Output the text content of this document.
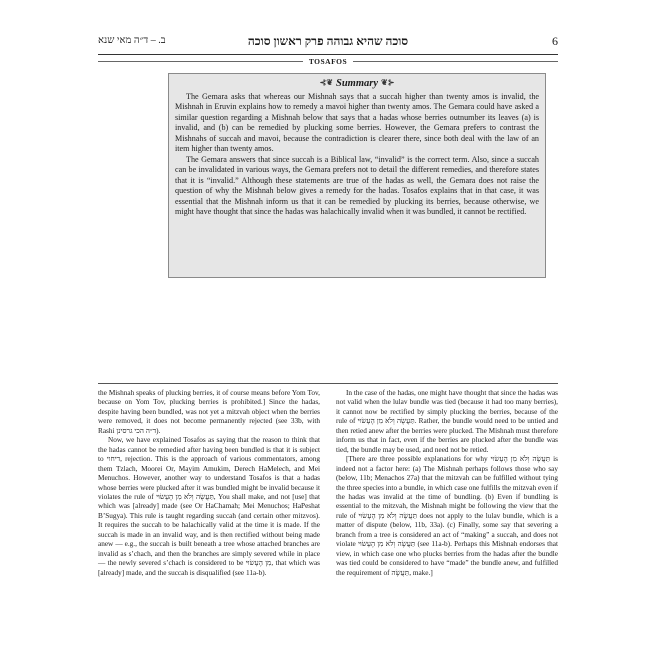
ב. – ד״ה מאי שנא	סוכה שהיא גבוהה פרק ראשון סוכה	6
TOSAFOS
⊰❦ Summary ❦⊱

The Gemara asks that whereas our Mishnah says that a succah higher than twenty amos is invalid, the Mishnah in Eruvin explains how to remedy a mavoi higher than twenty amos. The Gemara could have asked a similar question regarding a Mishnah below that says that a hadas whose berries outnumber its leaves (a) is invalid, and (b) can be remedied by plucking some berries. However, the Gemara prefers to contrast the Mishnahs of succah and mavoi, because the contradiction is clearer there, since both deal with the law of an item higher than twenty amos.

The Gemara answers that since succah is a Biblical law, “invalid” is the correct term. Also, since a succah can be invalidated in various ways, the Gemara prefers not to detail the different remedies, and therefore states that it is “invalid.” Although these statements are true of the hadas as well, the Gemara does not raise the question of why the Mishnah below gives a remedy for the hadas. Tosafos explains that in that case, it was essential that the Mishnah inform us that it can be remedied by plucking its berries, because otherwise, we might have thought that since the hadas was halachically invalid when it was bundled, it cannot be rectified.

the Mishnah speaks of plucking berries, it of course means before Yom Tov, because on Yom Tov, plucking berries is prohibited.] Since the hadas, despite having been bundled, was not yet a mitzvah object when the berries were removed, it does not become permanently rejected (see 33b, with Rashi ד״ה הכי גרסינן).

Now, we have explained Tosafos as saying that the reason to think that the hadas cannot be remedied after having been bundled is that it is subject to דיחוי, rejection. This is the approach of various commentators, among them Tzlach, Moorei Or, Mayim Amukim, Derech HaMelech, and Mei Menuchos. However, another way to understand Tosafos is that a hadas whose berries were plucked after it was bundled might be invalid because it violates the rule of תַּעֲשֶׂה וְלֹא מִן הֶעָשׂוּי, You shall make, and not [use] that which was [already] made (see Or HaChamah; Mei Menuchos; HaPeshat B’Sugya). This rule is taught regarding succah (and certain other mitzvos). It requires the succah to be halachically valid at the time it is made. If the succah is made in an invalid way, and is then rectified without being made anew — e.g., the succah is built beneath a tree whose attached branches are invalid as s’chach, and then the branches are simply severed while in place — the newly severed s’chach is considered to be מִן הֶעָשׂוּי, that which was [already] made, and the succah is disqualified (see 11a-b).

In the case of the hadas, one might have thought that since the hadas was not valid when the lulav bundle was tied (because it had too many berries), it cannot now be rectified by simply plucking the berries, because of the rule of תַּעֲשֶׂה וְלֹא מִן הֶעָשׂוּי. Rather, the bundle would need to be untied and then retied anew after the berries were plucked. The Mishnah must therefore inform us that in fact, even if the berries are plucked after the bundle was tied, the bundle may be used, and need not be retied.

[There are three possible explanations for why תַּעֲשֶׂה וְלֹא מִן הֶעָשׂוּי is indeed not a factor here: (a) The Mishnah perhaps follows those who say (below, 11b; Menachos 27a) that the mitzvah can be fulfilled without tying the three species into a bundle, in which case one fulfills the mitzvah even if the hadas was invalid at the time of bundling. (b) Even if bundling is essential to the mitzvah, the Mishnah might be following the view that the rule of תַּעֲשֶׂה וְלֹא מִן הֶעָשׂוּי does not apply to the lulav bundle, which is a matter of dispute (below, 11b, 33a). (c) Finally, some say that severing a branch from a tree is considered an act of “making” a succah, and does not violate תַּעֲשֶׂה וְלֹא מִן הֶעָשׂוּי (see 11a-b). Perhaps this Mishnah endorses that view, in which case one who plucks berries from the hadas after the bundle was tied could be considered to have “made” the bundle anew, and fulfilled the requirement of תַּעֲשֶׂה, make.]
